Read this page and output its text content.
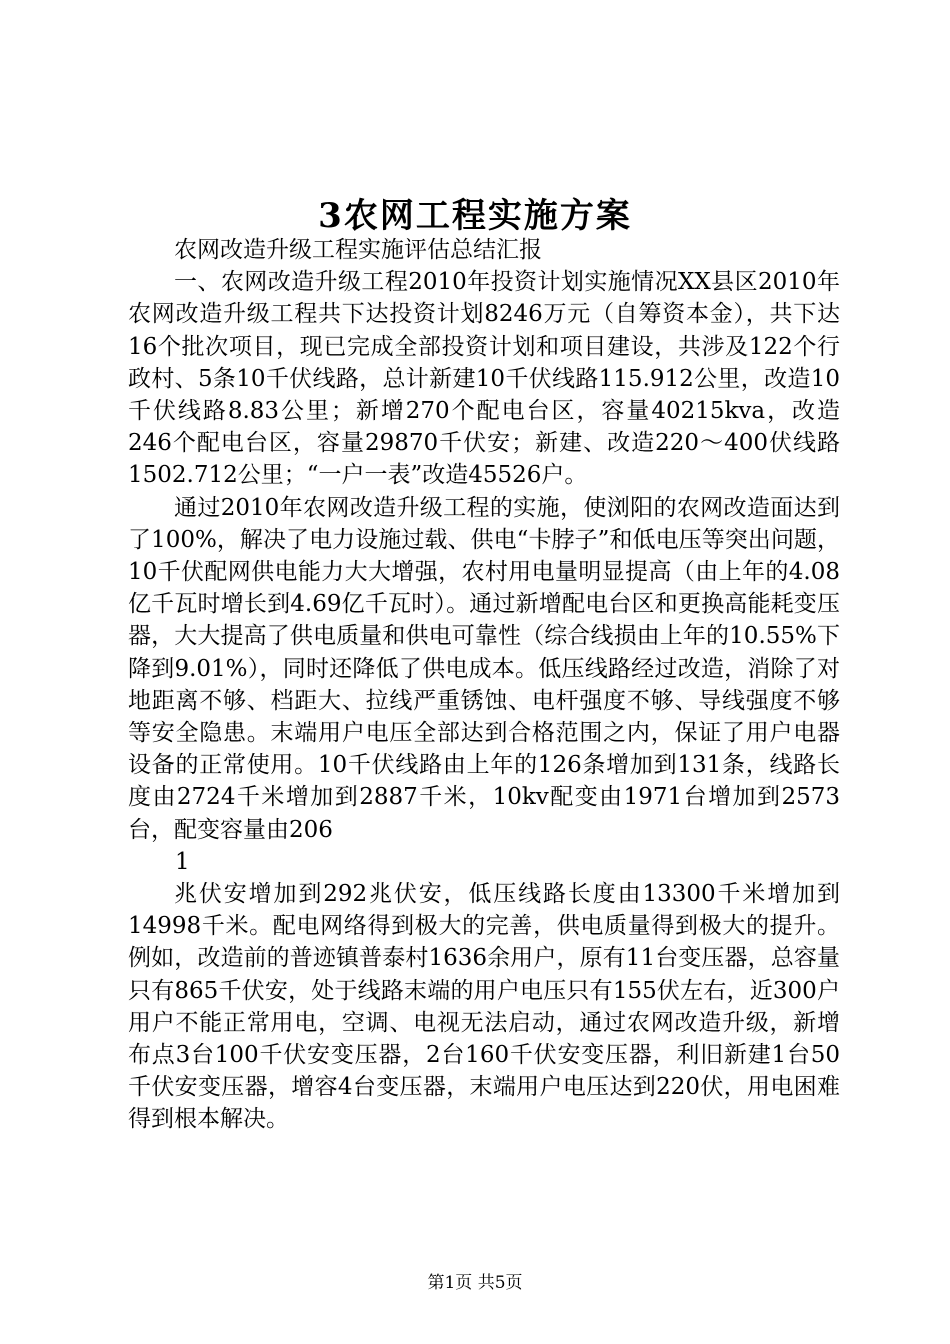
3农网工程实施方案

农网改造升级工程实施评估总结汇报

一、农网改造升级工程2010年投资计划实施情况XX县区2010年农网改造升级工程共下达投资计划8246万元（自筹资本金），共下达16个批次项目，现已完成全部投资计划和项目建设，共涉及122个行政村、5条10千伏线路，总计新建10千伏线路115.912公里，改造10千伏线路8.83公里；新增270个配电台区，容量40215kva，改造246个配电台区，容量29870千伏安；新建、改造220～400伏线路1502.712公里；“一户一表”改造45526户。

通过2010年农网改造升级工程的实施，使浏阳的农网改造面达到了100%，解决了电力设施过载、供电“卡脖子”和低电压等突出问题，10千伏配网供电能力大大增强，农村用电量明显提高（由上年的4.08亿千瓦时增长到4.69亿千瓦时）。通过新增配电台区和更换高能耗变压器，大大提高了供电质量和供电可靠性（综合线损由上年的10.55%下降到9.01%），同时还降低了供电成本。低压线路经过改造，消除了对地距离不够、档距大、拉线严重锈蚀、电杆强度不够、导线强度不够等安全隐患。末端用户电压全部达到合格范围之内，保证了用户电器设备的正常使用。10千伏线路由上年的126条增加到131条，线路长度由2724千米增加到2887千米，10kv配变由1971台增加到2573台，配变容量由206

1

兆伏安增加到292兆伏安，低压线路长度由13300千米增加到14998千米。配电网络得到极大的完善，供电质量得到极大的提升。例如，改造前的普迹镇普泰村1636余用户，原有11台变压器，总容量只有865千伏安，处于线路末端的用户电压只有155伏左右，近300户用户不能正常用电，空调、电视无法启动，通过农网改造升级，新增布点3台100千伏安变压器，2台160千伏安变压器，利旧新建1台50千伏安变压器，增容4台变压器，末端用户电压达到220伏，用电困难得到根本解决。

第1页 共5页
